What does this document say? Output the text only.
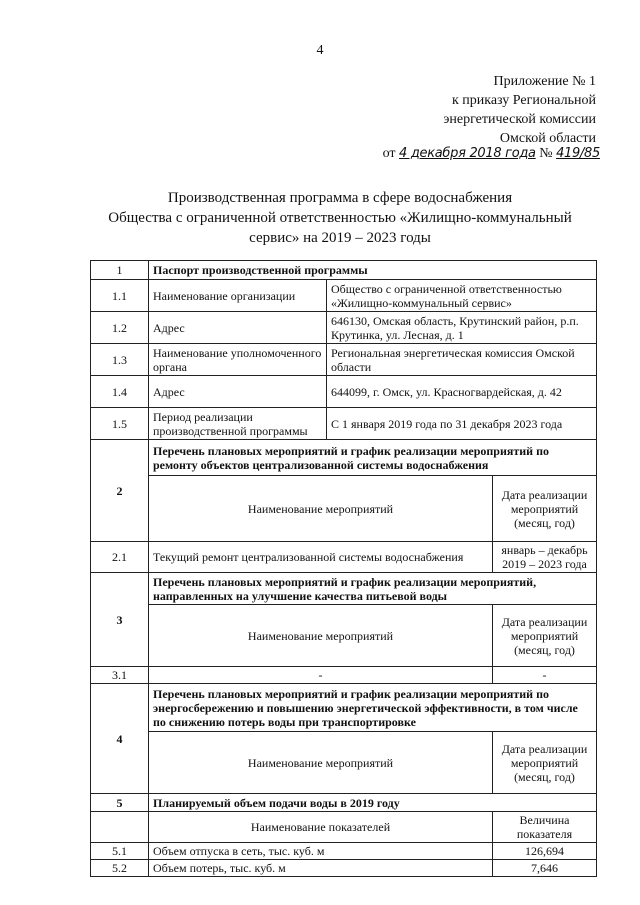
4
Приложение № 1
к приказу Региональной
энергетической комиссии
Омской области
от 4 декабря 2018 года № 419/85
Производственная программа в сфере водоснабжения
Общества с ограниченной ответственностью «Жилищно-коммунальный
сервис» на 2019 – 2023 годы
1	Паспорт производственной программы		
1.1	Наименование организации	Общество с ограниченной ответственностью «Жилищно-коммунальный сервис»	
1.2	Адрес	646130, Омская область, Крутинский район, р.п. Крутинка, ул. Лесная, д. 1	
1.3	Наименование уполномоченного органа	Региональная энергетическая комиссия Омской области	
1.4	Адрес	644099, г. Омск, ул. Красногвардейская, д. 42	
1.5	Период реализации производственной программы	С 1 января 2019 года по 31 декабря 2023 года	
2	Перечень плановых мероприятий и график реализации мероприятий по ремонту объектов централизованной системы водоснабжения		
	Наименование мероприятий		Дата реализации мероприятий (месяц, год)
2.1	Текущий ремонт централизованной системы водоснабжения		январь – декабрь 2019 – 2023 года
3	Перечень плановых мероприятий и график реализации мероприятий, направленных на улучшение качества питьевой воды		
	Наименование мероприятий		Дата реализации мероприятий (месяц, год)
3.1	-		-
4	Перечень плановых мероприятий и график реализации мероприятий по энергосбережению и повышению энергетической эффективности, в том числе по снижению потерь воды при транспортировке		
	Наименование мероприятий		Дата реализации мероприятий (месяц, год)
5	Планируемый объем подачи воды в 2019 году		
	Наименование показателей		Величина показателя
5.1	Объем отпуска в сеть, тыс. куб. м		126,694
5.2	Объем потерь, тыс. куб. м		7,646
